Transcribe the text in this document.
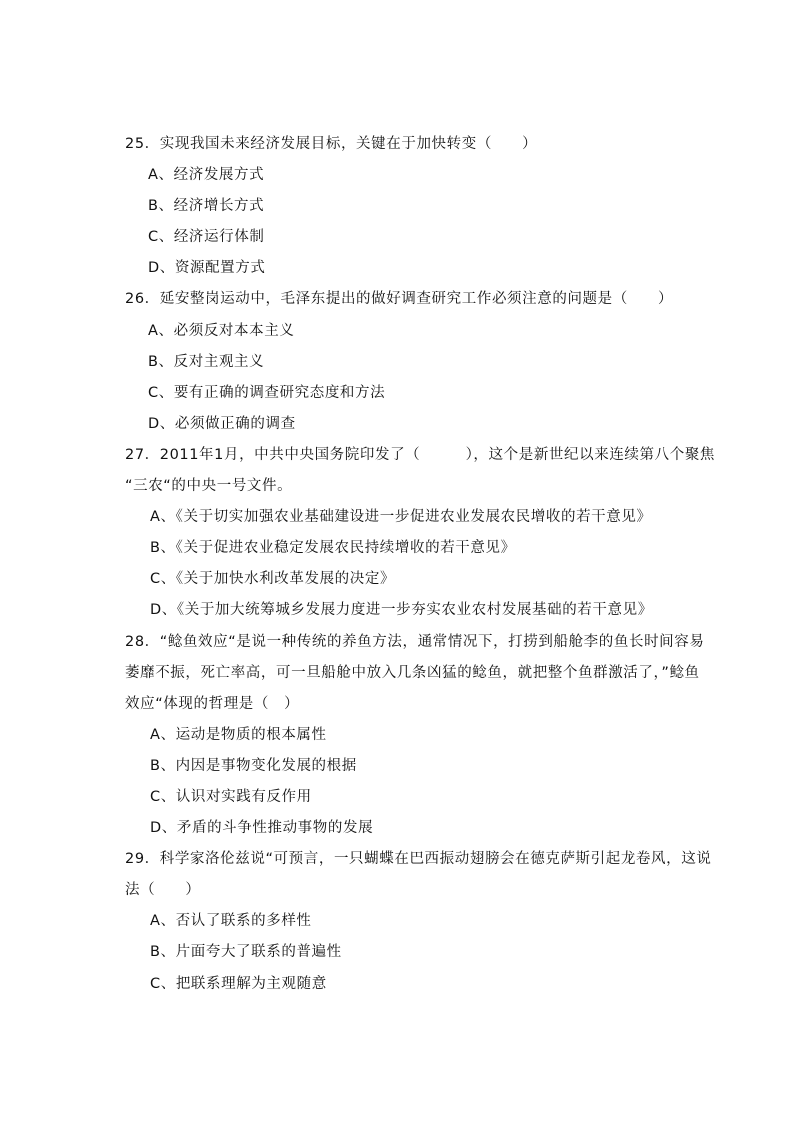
25．实现我国未来经济发展目标，关键在于加快转变（　　）
A、经济发展方式
B、经济增长方式
C、经济运行体制
D、资源配置方式
26．延安整岗运动中，毛泽东提出的做好调查研究工作必须注意的问题是（　　）
A、必须反对本本主义
B、反对主观主义
C、要有正确的调查研究态度和方法
D、必须做正确的调查
27．2011年1月，中共中央国务院印发了（　　　），这个是新世纪以来连续第八个聚焦
“三农“的中央一号文件。
A、《关于切实加强农业基础建设进一步促进农业发展农民增收的若干意见》
B、《关于促进农业稳定发展农民持续增收的若干意见》
C、《关于加快水利改革发展的决定》
D、《关于加大统筹城乡发展力度进一步夯实农业农村发展基础的若干意见》
28．“鲶鱼效应“是说一种传统的养鱼方法，通常情况下，打捞到船舱李的鱼长时间容易
萎靡不振，死亡率高，可一旦船舱中放入几条凶猛的鲶鱼，就把整个鱼群激活了，”鲶鱼
效应“体现的哲理是（　）
A、运动是物质的根本属性
B、内因是事物变化发展的根据
C、认识对实践有反作用
D、矛盾的斗争性推动事物的发展
29．科学家洛伦兹说“可预言，一只蝴蝶在巴西振动翅膀会在德克萨斯引起龙卷风，这说
法（　　）
A、否认了联系的多样性
B、片面夸大了联系的普遍性
C、把联系理解为主观随意
